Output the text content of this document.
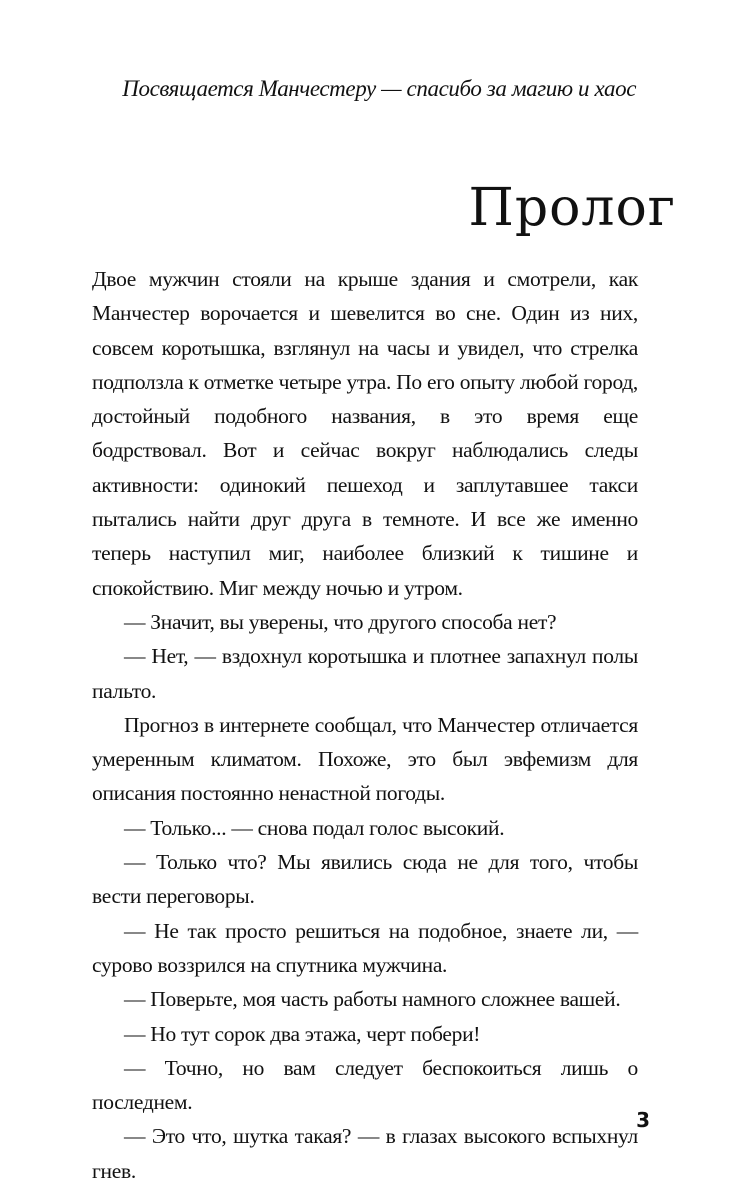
Посвящается Манчестеру — спасибо за магию и хаос
Пролог

Двое мужчин стояли на крыше здания и смотрели, как Манчестер ворочается и шевелится во сне. Один из них, совсем коротышка, взглянул на часы и увидел, что стрелка подползла к отметке четыре утра. По его опыту любой город, достойный подобного названия, в это время еще бодрствовал. Вот и сейчас вокруг наблюдались следы активности: одинокий пешеход и заплутавшее такси пытались найти друг друга в темноте. И все же именно теперь наступил миг, наиболее близкий к тишине и спокойствию. Миг между ночью и утром.

— Значит, вы уверены, что другого способа нет?

— Нет, — вздохнул коротышка и плотнее запахнул полы пальто.

Прогноз в интернете сообщал, что Манчестер отличается умеренным климатом. Похоже, это был эвфемизм для описания постоянно ненастной погоды.

— Только... — снова подал голос высокий.

— Только что? Мы явились сюда не для того, чтобы вести переговоры.

— Не так просто решиться на подобное, знаете ли, — сурово воззрился на спутника мужчина.

— Поверьте, моя часть работы намного сложнее вашей.

— Но тут сорок два этажа, черт побери!

— Точно, но вам следует беспокоиться лишь о последнем.

— Это что, шутка такая? — в глазах высокого вспыхнул гнев.

3
